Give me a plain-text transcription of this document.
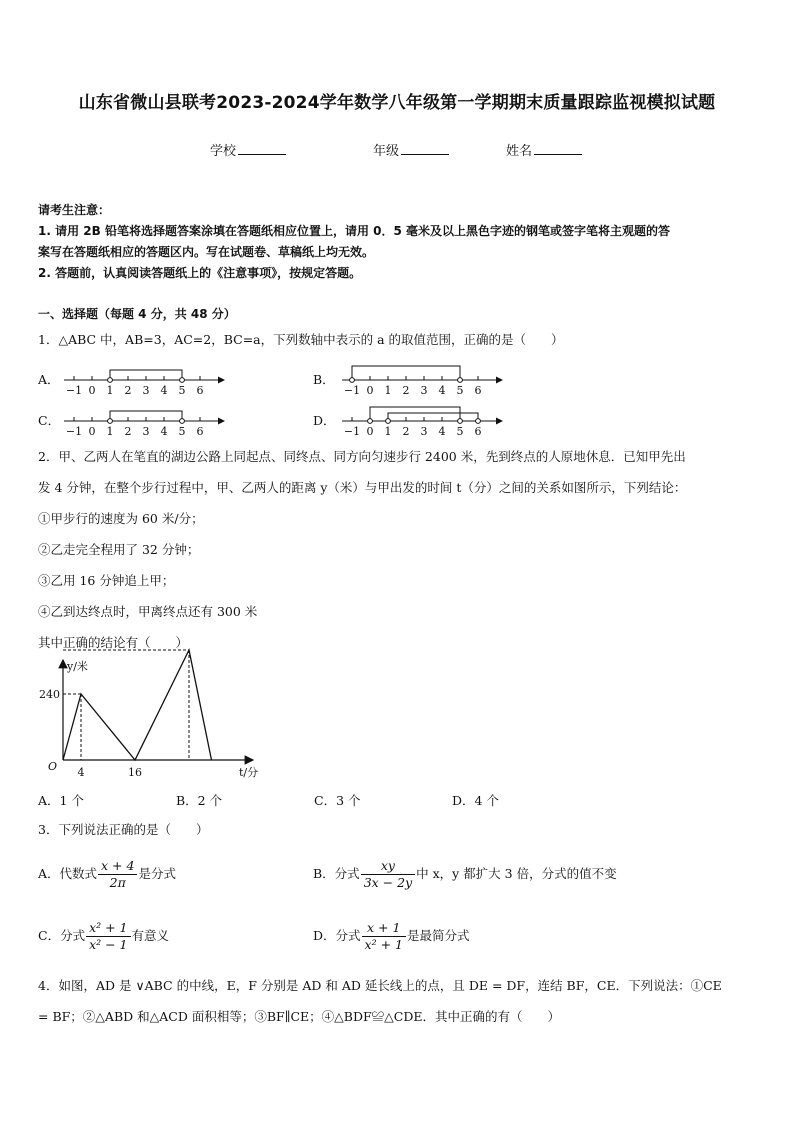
山东省微山县联考2023-2024学年数学八年级第一学期期末质量跟踪监视模拟试题
学校	年级	姓名
请考生注意：
1. 请用 2B 铅笔将选择题答案涂填在答题纸相应位置上，请用 0．5 毫米及以上黑色字迹的钢笔或签字笔将主观题的答
案写在答题纸相应的答题区内。写在试题卷、草稿纸上均无效。
2. 答题前，认真阅读答题纸上的《注意事项》，按规定答题。
一、选择题（每题 4 分，共 48 分）
1．△ABC 中，AB=3，AC=2，BC=a，下列数轴中表示的 a 的取值范围，正确的是（　　）
A．
−1 0 1 2 3 4 5 6
B．
−1 0 1 2 3 4 5 6
C．
−1 0 1 2 3 4 5 6
D．
−1 0 1 2 3 4 5 6
2．甲、乙两人在笔直的湖边公路上同起点、同终点、同方向匀速步行 2400 米，先到终点的人原地休息．已知甲先出
发 4 分钟，在整个步行过程中，甲、乙两人的距离 y（米）与甲出发的时间 t（分）之间的关系如图所示，下列结论：
①甲步行的速度为 60 米/分；
②乙走完全程用了 32 分钟；
③乙用 16 分钟追上甲；
④乙到达终点时，甲离终点还有 300 米
其中正确的结论有（　　）
4	16
240
y/米
t/分
O
A．1 个	B．2 个	C．3 个	D．4 个
3．下列说法正确的是（　　）
A．代数式 $\frac{x + 4}{2\pi}$ 是分式	B．分式 $\frac{xy}{3x - 2y}$ 中 x，y 都扩大 3 倍，分式的值不变
C．分式 $\frac{\text{x² + 1}}{\text{x² − 1}}$ 有意义	D．分式 $\frac{x + 1}{\text{x² + 1}}$ 是最简分式
4．如图，AD 是 ∨ABC 的中线，E，F 分别是 AD 和 AD 延长线上的点，且 DE = DF，连结 BF，CE．下列说法：①CE
= BF；②△ABD 和△ACD 面积相等；③BF∥CE；④△BDF≌△CDE．其中正确的有（　　）
